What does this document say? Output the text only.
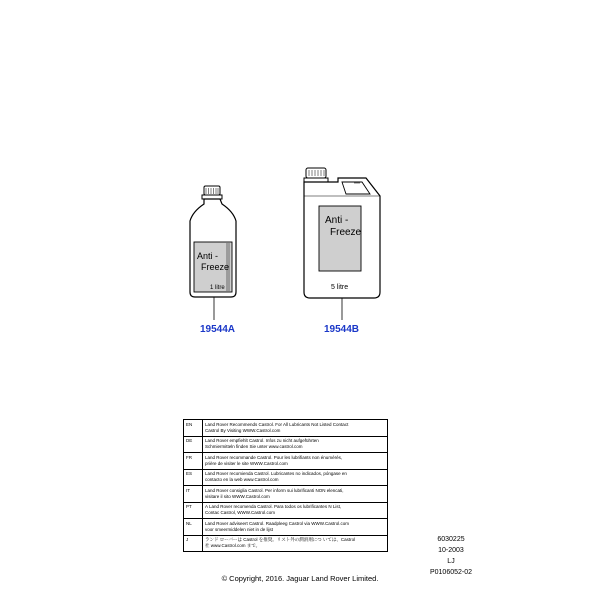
Anti -
Freeze
1 litre
Anti -
Freeze
5 litre
19544A	19544B
EN	Land Rover Recommends Castrol. For All Lubricants Not Listed Contact
Castrol By Visiting WWW.Castrol.com

DE	Land Rover empfiehlt Castrol. Infos zu nicht aufgeführten
Schmiermitteln finden Sie unter www.castrol.com

FR	Land Rover recommande Castrol. Pour les lubrifiants non énumérés,
prière de visiter le site WWW.Castrol.com

ES	Land Rover recomienda Castrol. Lubricantes no indicados, póngase en
contacto en la web www.Castrol.com

IT	Land Rover consiglia Castrol. Per inform sui lubrificanti NON elencati,
visitare il sito WWW.Castrol.com

PT	A Land Rover recomenda Castrol. Para todos os lubrificantes N List,
Contac Castrol, WWW.Castrol.com

NL	Land Rover adviseert Castrol. Raadpleeg Castrol via WWW.Castrol.com
voor smeermiddelen niet in de lijst

J	ランド ローバーは Castrol を推奨。リスト外の潤滑剤につ いては、Castrol
社 www.Castrol.com まで。
6030225
10-2003
LJ
P0106052-02
© Copyright, 2016. Jaguar Land Rover Limited.
